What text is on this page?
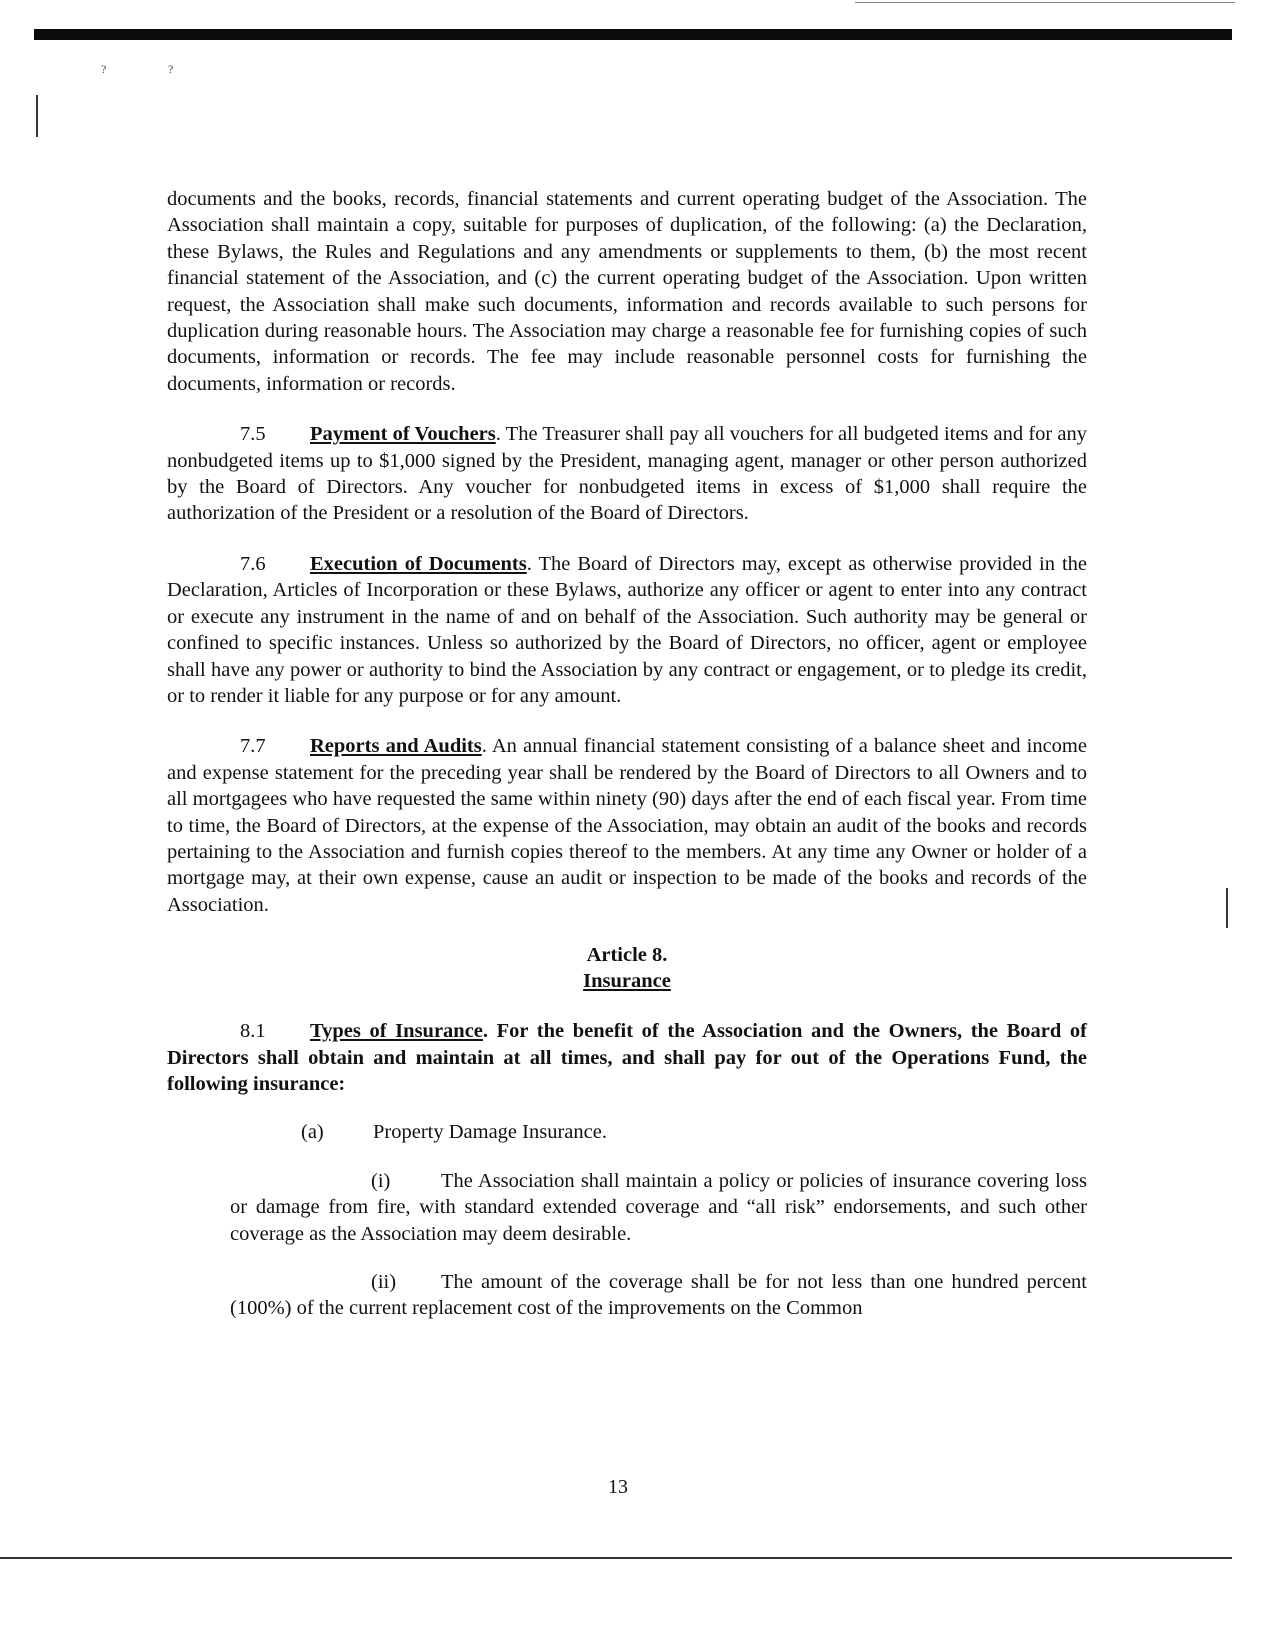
?	?

documents and the books, records, financial statements and current operating budget of the Association. The Association shall maintain a copy, suitable for purposes of duplication, of the following: (a) the Declaration, these Bylaws, the Rules and Regulations and any amendments or supplements to them, (b) the most recent financial statement of the Association, and (c) the current operating budget of the Association. Upon written request, the Association shall make such documents, information and records available to such persons for duplication during reasonable hours. The Association may charge a reasonable fee for furnishing copies of such documents, information or records. The fee may include reasonable personnel costs for furnishing the documents, information or records.

7.5 Payment of Vouchers. The Treasurer shall pay all vouchers for all budgeted items and for any nonbudgeted items up to $1,000 signed by the President, managing agent, manager or other person authorized by the Board of Directors. Any voucher for nonbudgeted items in excess of $1,000 shall require the authorization of the President or a resolution of the Board of Directors.

7.6 Execution of Documents. The Board of Directors may, except as otherwise provided in the Declaration, Articles of Incorporation or these Bylaws, authorize any officer or agent to enter into any contract or execute any instrument in the name of and on behalf of the Association. Such authority may be general or confined to specific instances. Unless so authorized by the Board of Directors, no officer, agent or employee shall have any power or authority to bind the Association by any contract or engagement, or to pledge its credit, or to render it liable for any purpose or for any amount.

7.7 Reports and Audits. An annual financial statement consisting of a balance sheet and income and expense statement for the preceding year shall be rendered by the Board of Directors to all Owners and to all mortgagees who have requested the same within ninety (90) days after the end of each fiscal year. From time to time, the Board of Directors, at the expense of the Association, may obtain an audit of the books and records pertaining to the Association and furnish copies thereof to the members. At any time any Owner or holder of a mortgage may, at their own expense, cause an audit or inspection to be made of the books and records of the Association.

Article 8.
Insurance

8.1 Types of Insurance. For the benefit of the Association and the Owners, the Board of Directors shall obtain and maintain at all times, and shall pay for out of the Operations Fund, the following insurance:

(a) Property Damage Insurance.

(i) The Association shall maintain a policy or policies of insurance covering loss or damage from fire, with standard extended coverage and “all risk” endorsements, and such other coverage as the Association may deem desirable.

(ii) The amount of the coverage shall be for not less than one hundred percent (100%) of the current replacement cost of the improvements on the Common

13
